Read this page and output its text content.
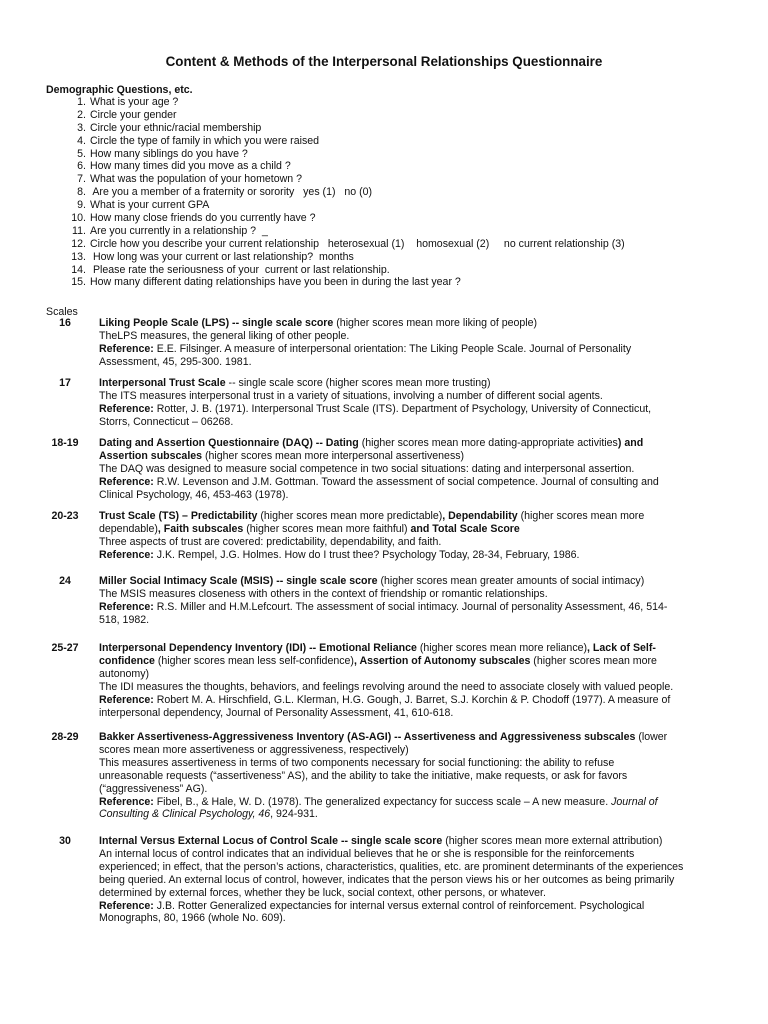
Content & Methods of the Interpersonal Relationships Questionnaire
Demographic Questions, etc.
1. What is your age ?
2. Circle your gender
3. Circle your ethnic/racial membership
4. Circle the type of family in which you were raised
5. How many siblings do you have ?
6. How many times did you move as a child ?
7. What was the population of your hometown ?
8. Are you a member of a fraternity or sorority   yes (1)   no (0)
9. What is your current GPA
10. How many close friends do you currently have ?
11. Are you currently in a relationship ?  _
12. Circle how you describe your current relationship   heterosexual (1)    homosexual (2)     no current relationship (3)
13. How long was your current or last relationship?  months
14. Please rate the seriousness of your  current or last relationship.
15. How many different dating relationships have you been in during the last year ?
Scales
16	Liking People Scale (LPS) -- single scale score (higher scores mean more liking of people)

TheLPS measures, the general liking of other people.

Reference: E.E. Filsinger. A measure of interpersonal orientation: The Liking People Scale. Journal of Personality

Assessment, 45, 295-300. 1981.

17	Interpersonal Trust Scale -- single scale score (higher scores mean more trusting)

The ITS measures interpersonal trust in a variety of situations, involving a number of different social agents.

Reference: Rotter, J. B. (1971). Interpersonal Trust Scale (ITS). Department of Psychology, University of Connecticut,

Storrs, Connecticut – 06268.

18-19	Dating and Assertion Questionnaire (DAQ) -- Dating (higher scores mean more dating-appropriate activities) and

Assertion subscales (higher scores mean more interpersonal assertiveness)

The DAQ was designed to measure social competence in two social situations: dating and interpersonal assertion.

Reference: R.W. Levenson and J.M. Gottman. Toward the assessment of social competence. Journal of consulting and

Clinical Psychology, 46, 453-463 (1978).

20-23	Trust Scale (TS) – Predictability (higher scores mean more predictable), Dependability (higher scores mean more

dependable), Faith subscales (higher scores mean more faithful) and Total Scale Score

Three aspects of trust are covered: predictability, dependability, and faith.

Reference: J.K. Rempel, J.G. Holmes. How do I trust thee? Psychology Today, 28-34, February, 1986.

24	Miller Social Intimacy Scale (MSIS) -- single scale score (higher scores mean greater amounts of social intimacy)

The MSIS measures closeness with others in the context of friendship or romantic relationships.

Reference: R.S. Miller and H.M.Lefcourt. The assessment of social intimacy. Journal of personality Assessment, 46, 514-

518, 1982.

25-27	Interpersonal Dependency Inventory (IDI) -- Emotional Reliance (higher scores mean more reliance), Lack of Self-

confidence (higher scores mean less self-confidence), Assertion of Autonomy subscales (higher scores mean more

autonomy)

The IDI measures the thoughts, behaviors, and feelings revolving around the need to associate closely with valued people.

Reference: Robert M. A. Hirschfield, G.L. Klerman, H.G. Gough, J. Barret, S.J. Korchin & P. Chodoff (1977). A measure of

interpersonal dependency, Journal of Personality Assessment, 41, 610-618.

28-29	Bakker Assertiveness-Aggressiveness Inventory (AS-AGI) -- Assertiveness and Aggressiveness subscales (lower

scores mean more assertiveness or aggressiveness, respectively)

This measures assertiveness in terms of two components necessary for social functioning: the ability to refuse

unreasonable requests (“assertiveness” AS), and the ability to take the initiative, make requests, or ask for favors

(“aggressiveness” AG).

Reference: Fibel, B., & Hale, W. D. (1978). The generalized expectancy for success scale – A new measure. Journal of

Consulting & Clinical Psychology, 46, 924-931.

30	Internal Versus External Locus of Control Scale -- single scale score (higher scores mean more external attribution)

An internal locus of control indicates that an individual believes that he or she is responsible for the reinforcements

experienced; in effect, that the person’s actions, characteristics, qualities, etc. are prominent determinants of the experiences

being queried. An external locus of control, however, indicates that the person views his or her outcomes as being primarily

determined by external forces, whether they be luck, social context, other persons, or whatever.

Reference: J.B. Rotter Generalized expectancies for internal versus external control of reinforcement. Psychological

Monographs, 80, 1966 (whole No. 609).
